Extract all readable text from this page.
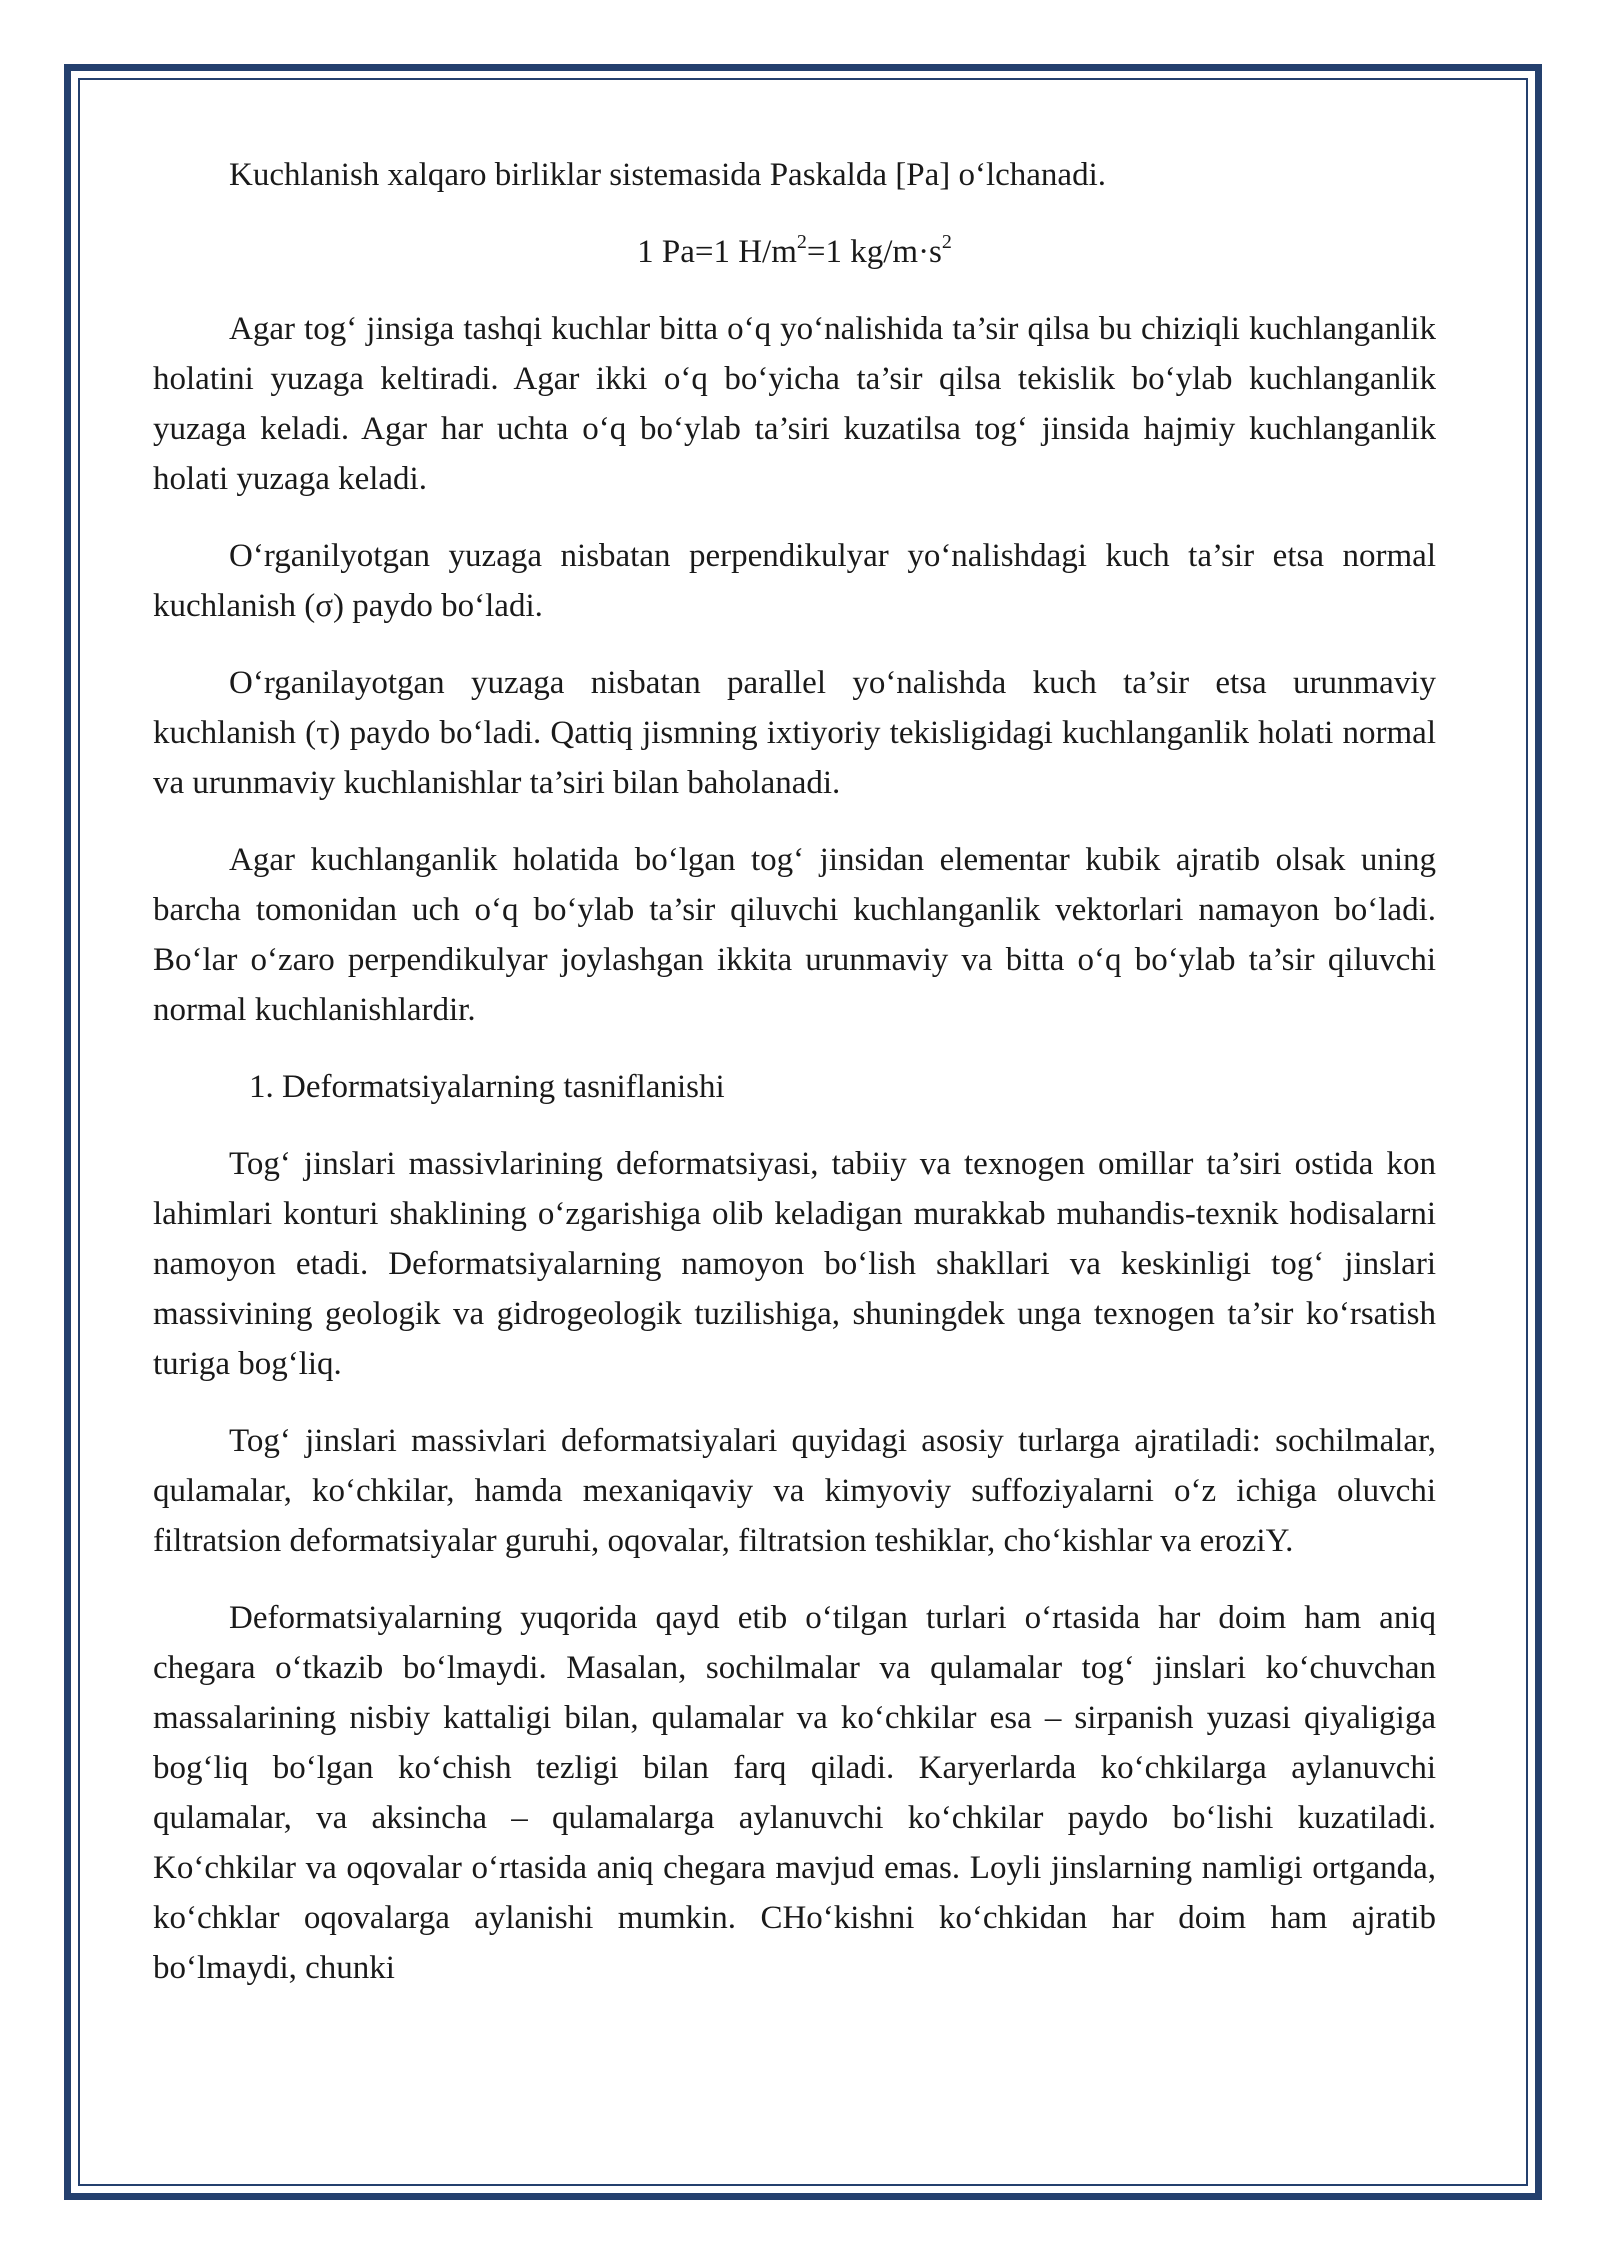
Kuchlanish xalqaro birliklar sistemasida Paskalda [Pa] o‘lchanadi.

1 Pa=1 $H/m^2=1$ $kg/m\cdot s^2$

Agar tog‘ jinsiga tashqi kuchlar bitta o‘q yo‘nalishida ta’sir qilsa bu chiziqli kuchlanganlik holatini yuzaga keltiradi. Agar ikki o‘q bo‘yicha ta’sir qilsa tekislik bo‘ylab kuchlanganlik yuzaga keladi. Agar har uchta o‘q bo‘ylab ta’siri kuzatilsa tog‘ jinsida hajmiy kuchlanganlik holati yuzaga keladi.

O‘rganilyotgan yuzaga nisbatan perpendikulyar yo‘nalishdagi kuch ta’sir etsa normal kuchlanish (σ) paydo bo‘ladi.

O‘rganilayotgan yuzaga nisbatan parallel yo‘nalishda kuch ta’sir etsa urunmaviy kuchlanish (τ) paydo bo‘ladi. Qattiq jismning ixtiyoriy tekisligidagi kuchlanganlik holati normal va urunmaviy kuchlanishlar ta’siri bilan baholanadi.

Agar kuchlanganlik holatida bo‘lgan tog‘ jinsidan elementar kubik ajratib olsak uning barcha tomonidan uch o‘q bo‘ylab ta’sir qiluvchi kuchlanganlik vektorlari namayon bo‘ladi. Bo‘lar o‘zaro perpendikulyar joylashgan ikkita urunmaviy va bitta o‘q bo‘ylab ta’sir qiluvchi normal kuchlanishlardir.

1. Deformatsiyalarning tasniflanishi

Tog‘ jinslari massivlarining deformatsiyasi, tabiiy va texnogen omillar ta’siri ostida kon lahimlari konturi shaklining o‘zgarishiga olib keladigan murakkab muhandis-texnik hodisalarni namoyon etadi. Deformatsiyalarning namoyon bo‘lish shakllari va keskinligi tog‘ jinslari massivining geologik va gidrogeologik tuzilishiga, shuningdek unga texnogen ta’sir ko‘rsatish turiga bog‘liq.

Tog‘ jinslari massivlari deformatsiyalari quyidagi asosiy turlarga ajratiladi: sochilmalar, qulamalar, ko‘chkilar, hamda mexaniqaviy va kimyoviy suffoziyalarni o‘z ichiga oluvchi filtratsion deformatsiyalar guruhi, oqovalar, filtratsion teshiklar, cho‘kishlar va eroziY.

Deformatsiyalarning yuqorida qayd etib o‘tilgan turlari o‘rtasida har doim ham aniq chegara o‘tkazib bo‘lmaydi. Masalan, sochilmalar va qulamalar tog‘ jinslari ko‘chuvchan massalarining nisbiy kattaligi bilan, qulamalar va ko‘chkilar esa – sirpanish yuzasi qiyaligiga bog‘liq bo‘lgan ko‘chish tezligi bilan farq qiladi. Karyerlarda ko‘chkilarga aylanuvchi qulamalar, va aksincha – qulamalarga aylanuvchi ko‘chkilar paydo bo‘lishi kuzatiladi. Ko‘chkilar va oqovalar o‘rtasida aniq chegara mavjud emas. Loyli jinslarning namligi ortganda, ko‘chklar oqovalarga aylanishi mumkin. CHo‘kishni ko‘chkidan har doim ham ajratib bo‘lmaydi, chunki
